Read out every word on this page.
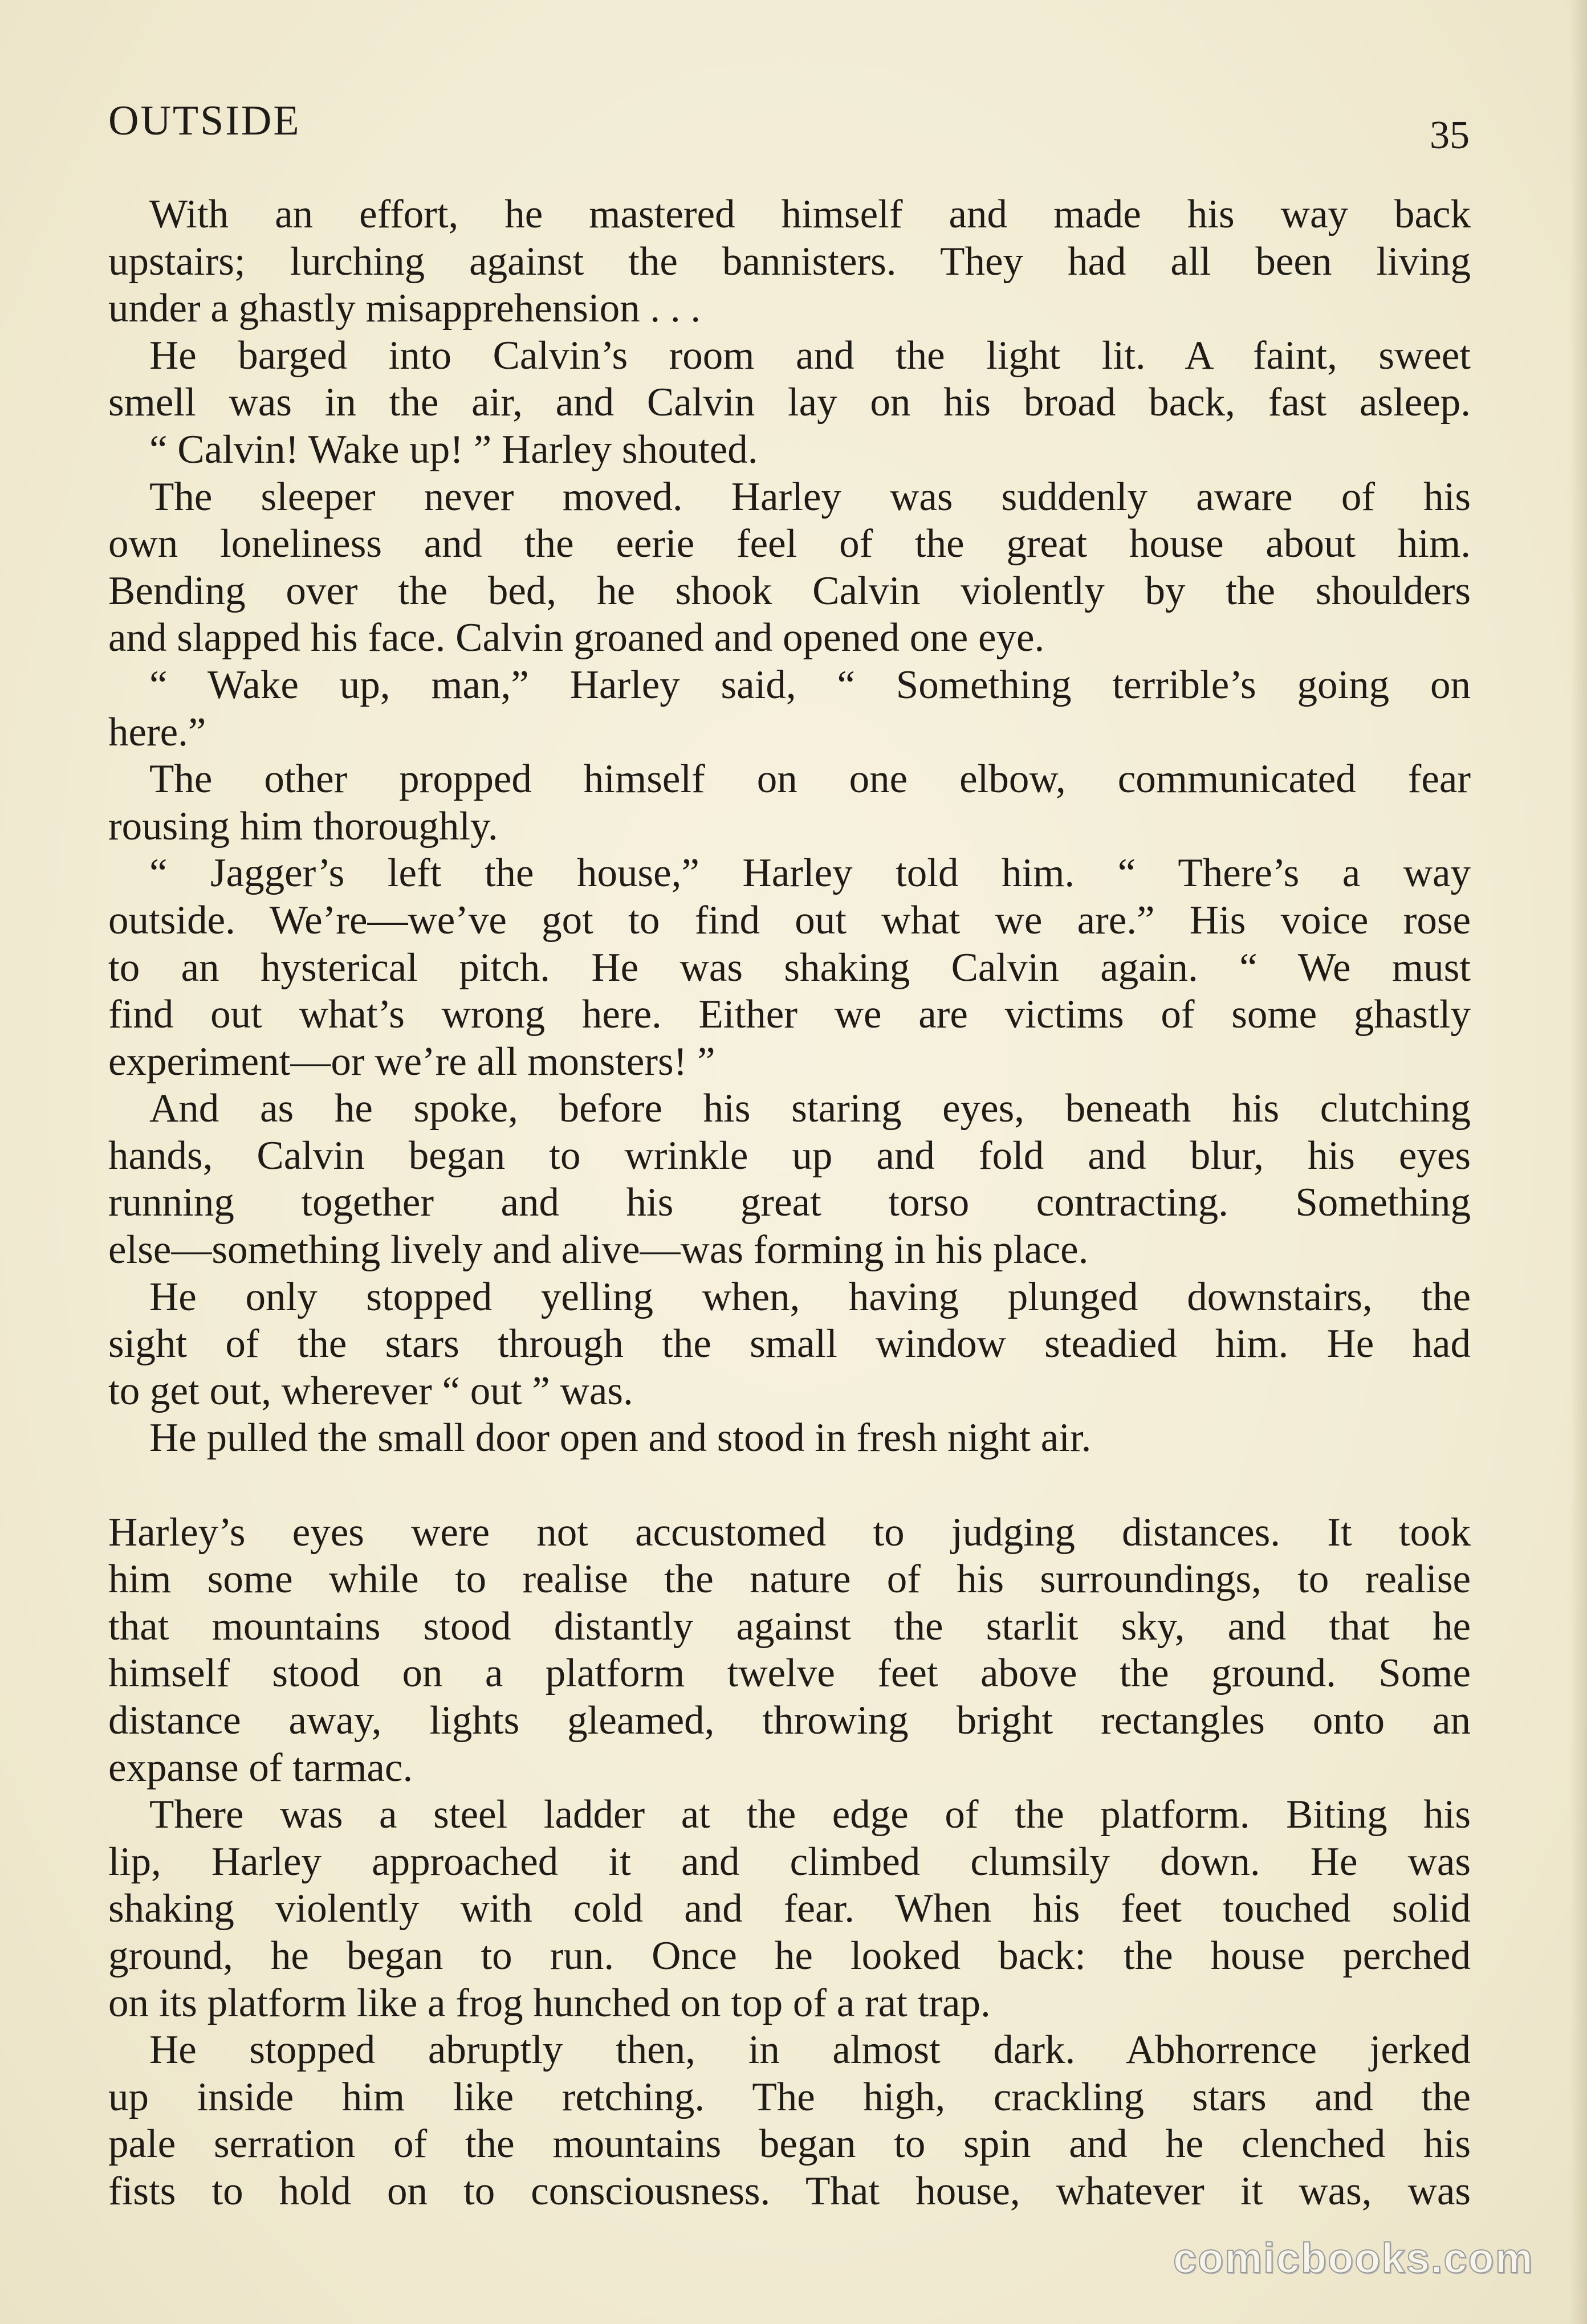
OUTSIDE	35
With an effort, he mastered himself and made his way back
upstairs; lurching against the bannisters. They had all been living
under a ghastly misapprehension . . .
He barged into Calvin’s room and the light lit. A faint, sweet
smell was in the air, and Calvin lay on his broad back, fast asleep.
“ Calvin! Wake up! ” Harley shouted.
The sleeper never moved. Harley was suddenly aware of his
own loneliness and the eerie feel of the great house about him.
Bending over the bed, he shook Calvin violently by the shoulders
and slapped his face. Calvin groaned and opened one eye.
“ Wake up, man,” Harley said, “ Something terrible’s going on
here.”
The other propped himself on one elbow, communicated fear
rousing him thoroughly.
“ Jagger’s left the house,” Harley told him. “ There’s a way
outside. We’re—we’ve got to find out what we are.” His voice rose
to an hysterical pitch. He was shaking Calvin again. “ We must
find out what’s wrong here. Either we are victims of some ghastly
experiment—or we’re all monsters! ”
And as he spoke, before his staring eyes, beneath his clutching
hands, Calvin began to wrinkle up and fold and blur, his eyes
running together and his great torso contracting. Something
else—something lively and alive—was forming in his place.
He only stopped yelling when, having plunged downstairs, the
sight of the stars through the small window steadied him. He had
to get out, wherever “ out ” was.
He pulled the small door open and stood in fresh night air.
Harley’s eyes were not accustomed to judging distances. It took
him some while to realise the nature of his surroundings, to realise
that mountains stood distantly against the starlit sky, and that he
himself stood on a platform twelve feet above the ground. Some
distance away, lights gleamed, throwing bright rectangles onto an
expanse of tarmac.
There was a steel ladder at the edge of the platform. Biting his
lip, Harley approached it and climbed clumsily down. He was
shaking violently with cold and fear. When his feet touched solid
ground, he began to run. Once he looked back: the house perched
on its platform like a frog hunched on top of a rat trap.
He stopped abruptly then, in almost dark. Abhorrence jerked
up inside him like retching. The high, crackling stars and the
pale serration of the mountains began to spin and he clenched his
fists to hold on to consciousness. That house, whatever it was, was
comicbooks.com
